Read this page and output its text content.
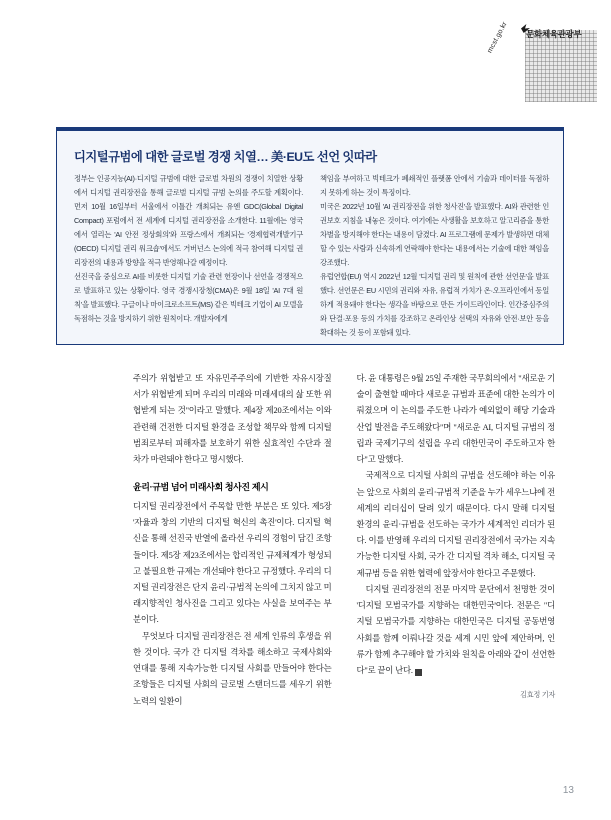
mcst.go.kr	문화체육관광부
디지털규범에 대한 글로벌 경쟁 치열… 美·EU도 선언 잇따라

정부는 인공지능(AI)·디지털 규범에 대한 글로벌 차원의 경쟁이 치열한 상황에서 디지털 권리장전을 통해 글로벌 디지털 규범 논의를 주도할 계획이다. 먼저 10월 16일부터 서울에서 이틀간 개최되는 유엔 GDC(Global Digital Compact) 포럼에서 전 세계에 디지털 권리장전을 소개한다. 11월에는 영국에서 열리는 'AI 안전 정상회의'와 프랑스에서 개최되는 '경제협력개발기구(OECD) 디지털 권리 워크숍'에서도 거버넌스 논의에 적극 참여해 디지털 권리장전의 내용과 방향을 적극 반영해나갈 예정이다.

선진국을 중심으로 AI를 비롯한 디지털 기술 관련 헌장이나 선언을 경쟁적으로 발표하고 있는 상황이다. 영국 경쟁시장청(CMA)은 9월 18일 'AI 7대 원칙'을 발표했다. 구글이나 마이크로소프트(MS) 같은 빅테크 기업이 AI 모델을 독점하는 것을 방지하기 위한 원칙이다. 개발자에게

책임을 부여하고 빅테크가 폐쇄적인 플랫폼 안에서 기술과 데이터를 독점하지 못하게 하는 것이 특징이다.

미국은 2022년 10월 'AI 권리장전을 위한 청사진'을 발표했다. AI와 관련한 인권보호 지침을 내놓은 것이다. 여기에는 사생활을 보호하고 알고리즘을 통한 차별을 방지해야 한다는 내용이 담겼다. AI 프로그램에 문제가 발생하면 대체할 수 있는 사람과 신속하게 연락해야 한다는 내용에서는 기술에 대한 책임을 강조했다.

유럽연합(EU) 역시 2022년 12월 '디지털 권리 및 원칙에 관한 선언문'을 발표했다. 선언문은 EU 시민의 권리와 자유, 유럽적 가치가 온·오프라인에서 동일하게 적용돼야 한다는 생각을 바탕으로 만든 가이드라인이다. 인간중심주의와 단결·포용 등의 가치를 강조하고 온라인상 선택의 자유와 안전·보안 등을 확대하는 것 등이 포함돼 있다.

주의가 위협받고 또 자유민주주의에 기반한 자유시장질서가 위협받게 되며 우리의 미래와 미래세대의 삶 또한 위협받게 되는 것"이라고 말했다. 제4장 제20조에서는 이와 관련해 건전한 디지털 환경을 조성할 책무와 함께 디지털 범죄로부터 피해자를 보호하기 위한 실효적인 수단과 절차가 마련돼야 한다고 명시했다.

윤리·규범 넘어 미래사회 청사진 제시

디지털 권리장전에서 주목할 만한 부분은 또 있다. 제5장 '자율과 창의 기반의 디지털 혁신의 촉진'이다. 디지털 혁신을 통해 선진국 반열에 올라선 우리의 경험이 담긴 조항들이다. 제5장 제23조에서는 합리적인 규제체계가 형성되고 불필요한 규제는 개선돼야 한다고 규정했다. 우리의 디지털 권리장전은 단지 윤리·규범적 논의에 그치지 않고 미래지향적인 청사진을 그리고 있다는 사실을 보여주는 부분이다.

무엇보다 디지털 권리장전은 전 세계 인류의 후생을 위한 것이다. 국가 간 디지털 격차를 해소하고 국제사회와 연대를 통해 지속가능한 디지털 사회를 만들어야 한다는 조항들은 디지털 사회의 글로벌 스탠더드를 세우기 위한 노력의 일환이

다. 윤 대통령은 9월 25일 주재한 국무회의에서 "새로운 기술이 출현할 때마다 새로운 규범과 표준에 대한 논의가 이뤄졌으며 이 논의를 주도한 나라가 예외없이 해당 기술과 산업 발전을 주도해왔다"며 "새로운 AI, 디지털 규범의 정립과 국제기구의 설립을 우리 대한민국이 주도하고자 한다"고 말했다.

국제적으로 디지털 사회의 규범을 선도해야 하는 이유는 앞으로 사회의 윤리·규범적 기준을 누가 세우느냐에 전 세계의 리더십이 달려 있기 때문이다. 다시 말해 디지털 환경의 윤리·규범을 선도하는 국가가 세계적인 리더가 된다. 이를 반영해 우리의 디지털 권리장전에서 국가는 지속가능한 디지털 사회, 국가 간 디지털 격차 해소, 디지털 국제규범 등을 위한 협력에 앞장서야 한다고 주문했다.

디지털 권리장전의 전문 마지막 문단에서 천명한 것이 '디지털 모범국가를 지향하는 대한민국'이다. 전문은 "디지털 모범국가를 지향하는 대한민국은 디지털 공동번영사회를 함께 이뤄나갈 것을 세계 시민 앞에 제안하며, 인류가 함께 추구해야 할 가치와 원칙을 아래와 같이 선언한다"로 끝이 난다. K

김효정 기자
13
